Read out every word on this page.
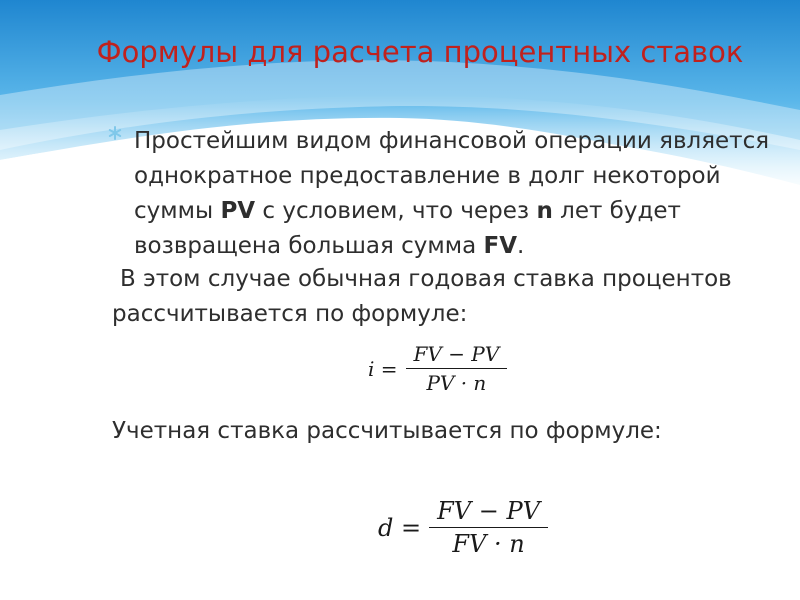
Формулы для расчета процентных ставок
Простейшим видом финансовой операции является однократное предоставление в долг некоторой суммы PV с условием, что через n лет будет возвращена большая сумма FV.
В этом случае обычная годовая ставка процентов рассчитывается по формуле:
$i = \frac{FV - PV}{PV \cdot n}$
Учетная ставка рассчитывается по формуле:
$d = \frac{FV - PV}{FV \cdot n}$
